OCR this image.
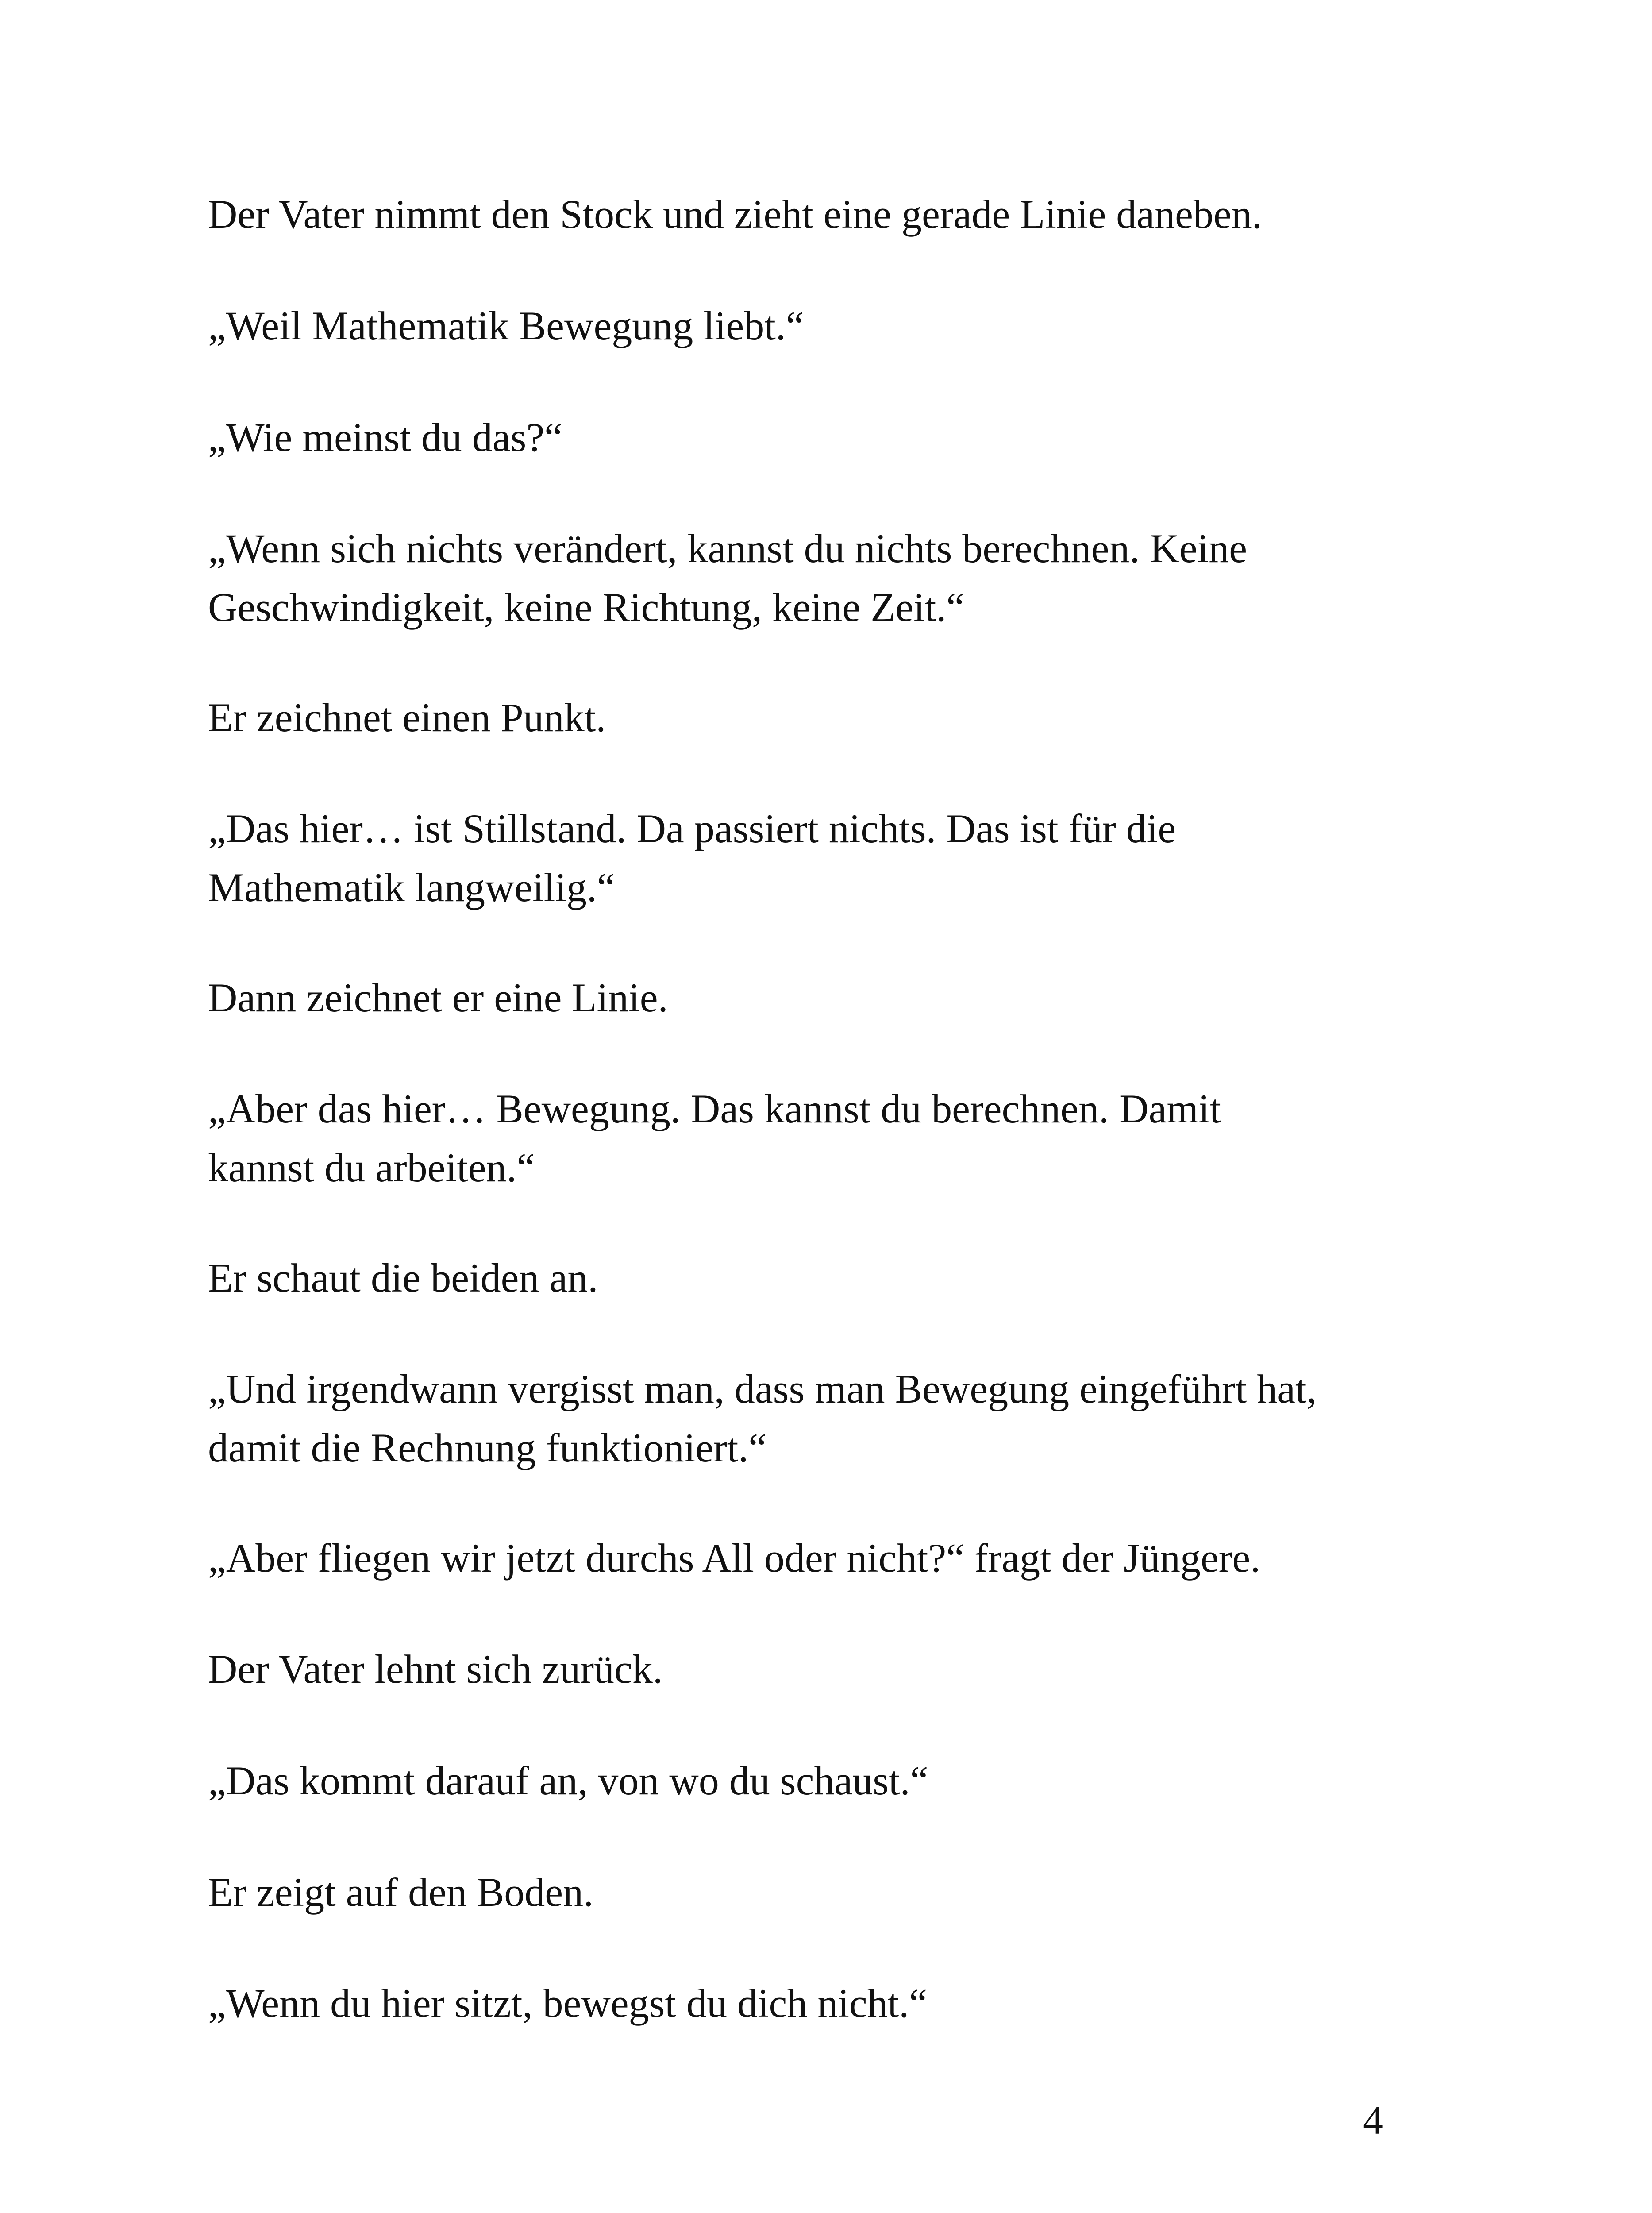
Der Vater nimmt den Stock und zieht eine gerade Linie daneben.

„Weil Mathematik Bewegung liebt.“

„Wie meinst du das?“

„Wenn sich nichts verändert, kannst du nichts berechnen. Keine
Geschwindigkeit, keine Richtung, keine Zeit.“

Er zeichnet einen Punkt.

„Das hier… ist Stillstand. Da passiert nichts. Das ist für die
Mathematik langweilig.“

Dann zeichnet er eine Linie.

„Aber das hier… Bewegung. Das kannst du berechnen. Damit
kannst du arbeiten.“

Er schaut die beiden an.

„Und irgendwann vergisst man, dass man Bewegung eingeführt hat,
damit die Rechnung funktioniert.“

„Aber fliegen wir jetzt durchs All oder nicht?“ fragt der Jüngere.

Der Vater lehnt sich zurück.

„Das kommt darauf an, von wo du schaust.“

Er zeigt auf den Boden.

„Wenn du hier sitzt, bewegst du dich nicht.“

4
